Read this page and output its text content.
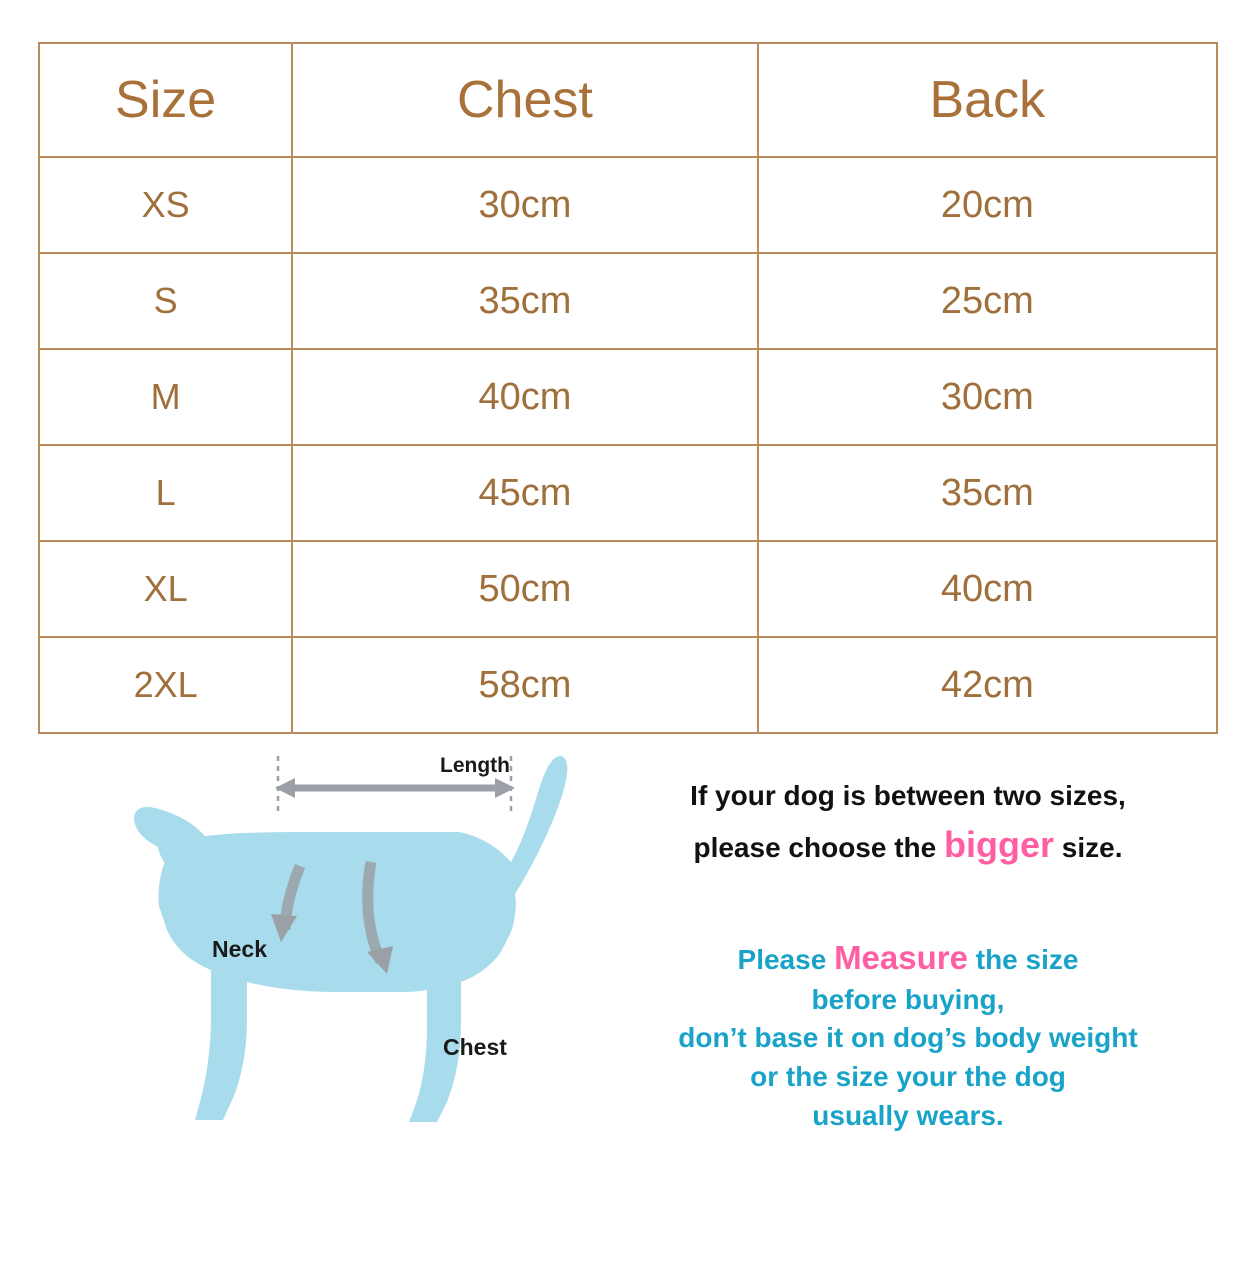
Size	Chest	Back
XS	30cm	20cm
S	35cm	25cm
M	40cm	30cm
L	45cm	35cm
XL	50cm	40cm
2XL	58cm	42cm
Length
Neck
Chest
If your dog is between two sizes,
please choose the bigger size.
Please Measure the size
before buying,
don’t base it on dog’s body weight
or the size your the dog
usually wears.
